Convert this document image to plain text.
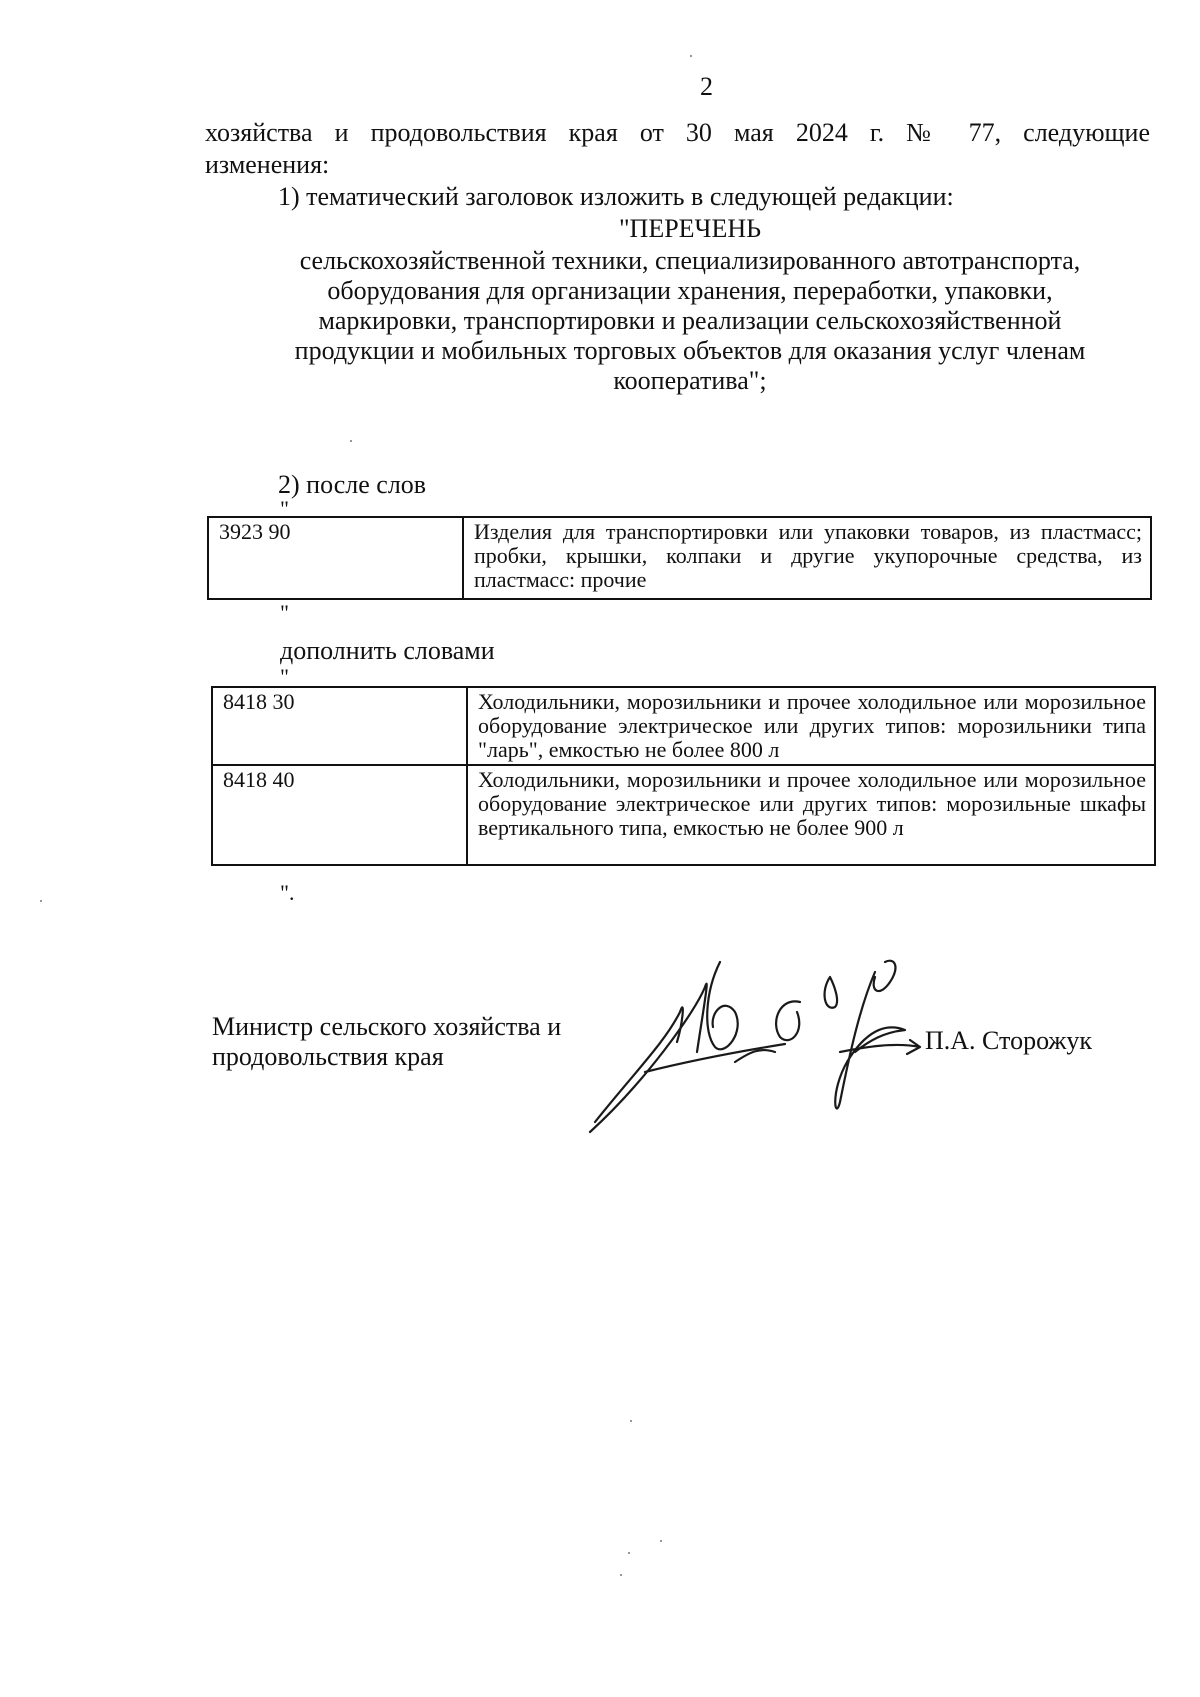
2
хозяйства и продовольствия края от 30 мая 2024 г. № 77, следующие
изменения:
1) тематический заголовок изложить в следующей редакции:
"ПЕРЕЧЕНЬ
сельскохозяйственной техники, специализированного автотранспорта,
оборудования для организации хранения, переработки, упаковки,
маркировки, транспортировки и реализации сельскохозяйственной
продукции и мобильных торговых объектов для оказания услуг членам
кооператива";
2) после слов
"
3923 90	Изделия для транспортировки или упаковки товаров, из пластмасс; пробки, крышки, колпаки и другие укупорочные средства, из пластмасс: прочие
"
дополнить словами
"
8418 30	Холодильники, морозильники и прочее холодильное или морозильное оборудование электрическое или других типов: морозильники типа "ларь", емкостью не более 800 л
8418 40	Холодильники, морозильники и прочее холодильное или морозильное оборудование электрическое или других типов: морозильные шкафы вертикального типа, емкостью не более 900 л
".
Министр сельского хозяйства и
продовольствия края
П.А. Сторожук
